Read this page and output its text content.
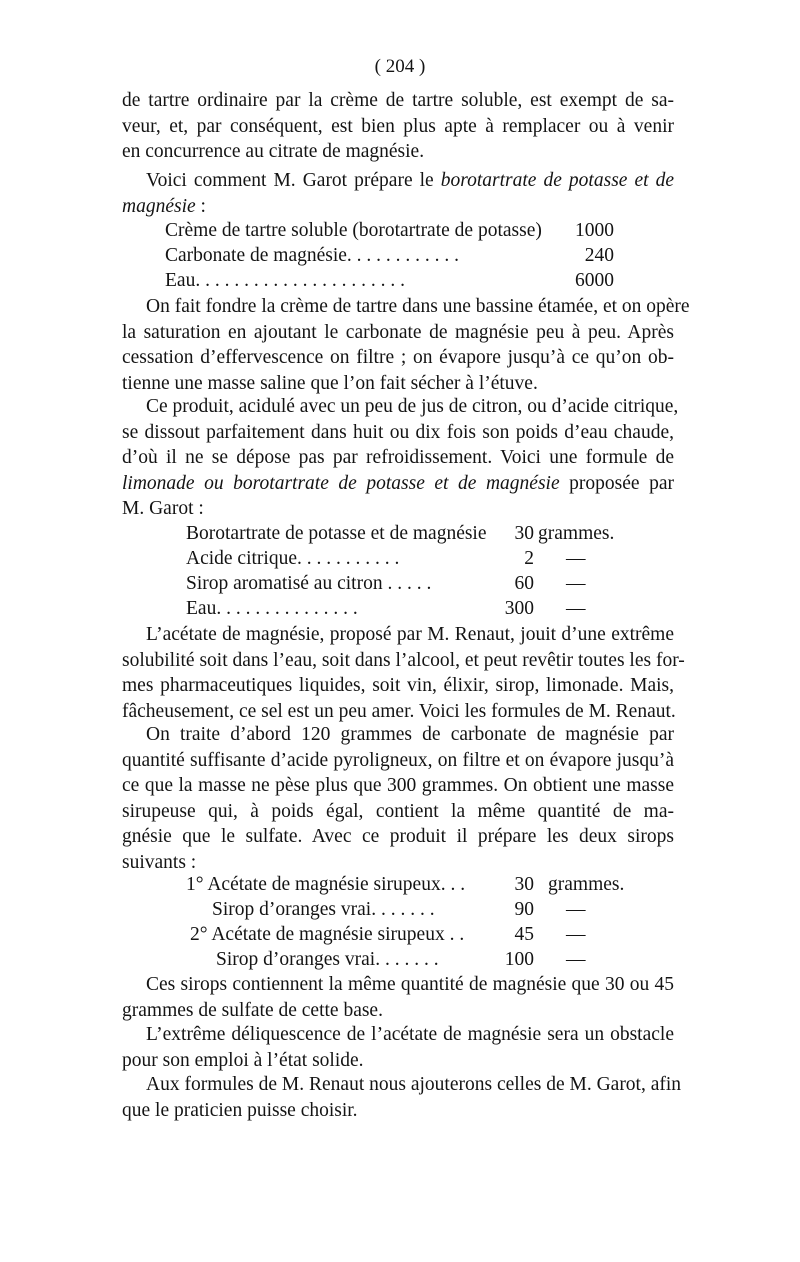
( 204 )
de tartre ordinaire par la crème de tartre soluble, est exempt de sa-
veur, et, par conséquent, est bien plus apte à remplacer ou à venir
en concurrence au citrate de magnésie.
Voici comment M. Garot prépare le borotartrate de potasse et de
magnésie :
Crème de tartre soluble (borotartrate de potasse)	1000
Carbonate de magnésie. . . . . . . . . . . .	240
Eau. . . . . . . . . . . . . . . . . . . . . .	6000
On fait fondre la crème de tartre dans une bassine étamée, et on opère
la saturation en ajoutant le carbonate de magnésie peu à peu. Après
cessation d’effervescence on filtre ; on évapore jusqu’à ce qu’on ob-
tienne une masse saline que l’on fait sécher à l’étuve.
Ce produit, acidulé avec un peu de jus de citron, ou d’acide citrique,
se dissout parfaitement dans huit ou dix fois son poids d’eau chaude,
d’où il ne se dépose pas par refroidissement. Voici une formule de
limonade ou borotartrate de potasse et de magnésie proposée par
M. Garot :
Borotartrate de potasse et de magnésie	30 grammes.
Acide citrique. . . . . . . . . . .	2	—
Sirop aromatisé au citron . . . . .	60 —
Eau. . . . . . . . . . . . . . .	300 —
L’acétate de magnésie, proposé par M. Renaut, jouit d’une extrême
solubilité soit dans l’eau, soit dans l’alcool, et peut revêtir toutes les for-
mes pharmaceutiques liquides, soit vin, élixir, sirop, limonade. Mais,
fâcheusement, ce sel est un peu amer. Voici les formules de M. Renaut.
On traite d’abord 120 grammes de carbonate de magnésie par
quantité suffisante d’acide pyroligneux, on filtre et on évapore jusqu’à
ce que la masse ne pèse plus que 300 grammes. On obtient une masse
sirupeuse qui, à poids égal, contient la même quantité de ma-
gnésie que le sulfate. Avec ce produit il prépare les deux sirops
suivants :
1° Acétate de magnésie sirupeux. . .	30 grammes.
Sirop d’oranges vrai. . . . . . .	90 —
2° Acétate de magnésie sirupeux . .	45 —
Sirop d’oranges vrai. . . . . . .	100 —
Ces sirops contiennent la même quantité de magnésie que 30 ou 45
grammes de sulfate de cette base.
L’extrême déliquescence de l’acétate de magnésie sera un obstacle
pour son emploi à l’état solide.
Aux formules de M. Renaut nous ajouterons celles de M. Garot, afin
que le praticien puisse choisir.
